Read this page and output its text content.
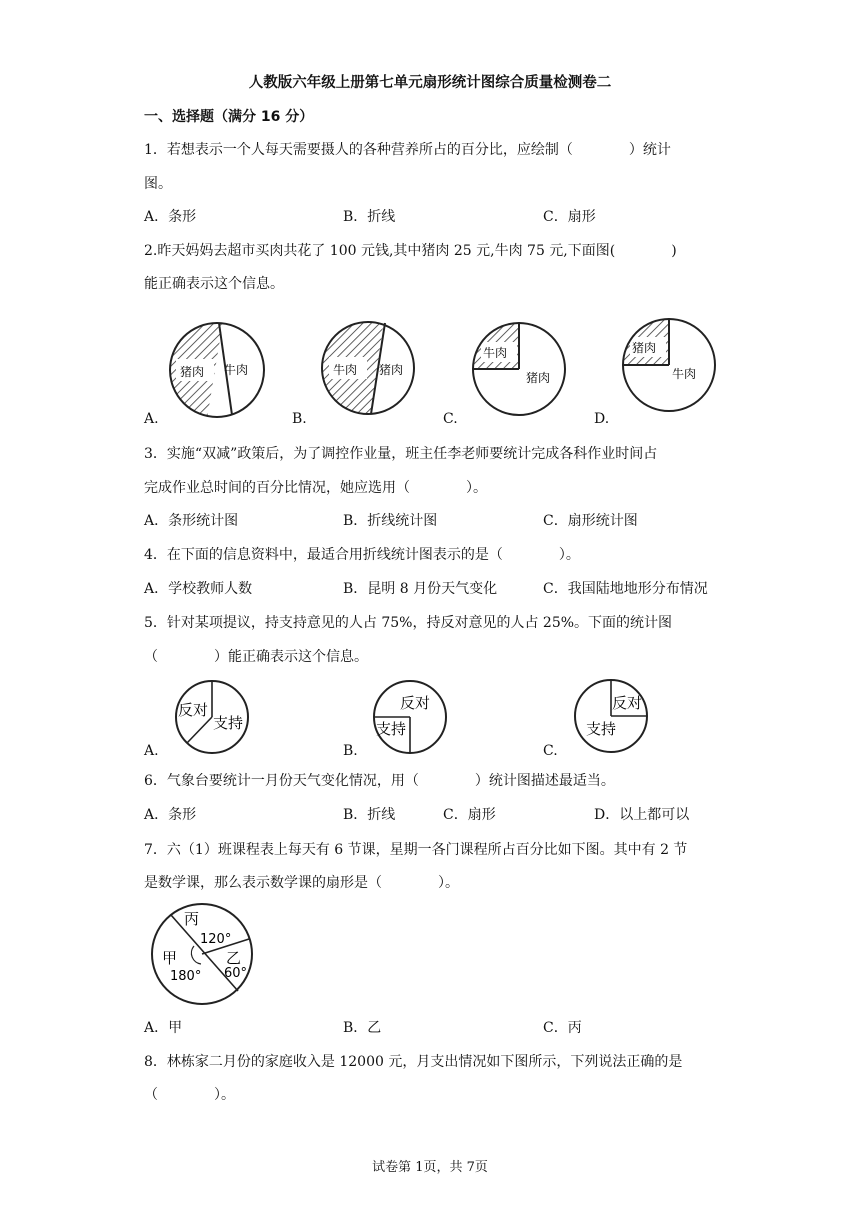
人教版六年级上册第七单元扇形统计图综合质量检测卷二
一、选择题（满分 16 分）
1．若想表示一个人每天需要摄人的各种营养所占的百分比，应绘制（　　　　）统计
图。
A．条形	B．折线	C．扇形
2.昨天妈妈去超市买肉共花了 100 元钱,其中猪肉 25 元,牛肉 75 元,下面图(　　　　)
能正确表示这个信息。
猪肉 牛肉
A.
牛肉 猪肉
B.
牛肉
猪肉
C.
猪肉
牛肉
D.
3．实施“双减”政策后，为了调控作业量，班主任李老师要统计完成各科作业时间占
完成作业总时间的百分比情况，她应选用（　　　　）。
A．条形统计图	B．折线统计图	C．扇形统计图
4．在下面的信息资料中，最适合用折线统计图表示的是（　　　　）。
A．学校教师人数	B．昆明 8 月份天气变化	C．我国陆地地形分布情况
5．针对某项提议，持支持意见的人占 75%，持反对意见的人占 25%。下面的统计图
（　　　　）能正确表示这个信息。
反对
支持
A.
反对
支持
B.
反对
支持
C.
6．气象台要统计一月份天气变化情况，用（　　　　）统计图描述最适当。
A．条形	B．折线	C．扇形	D．以上都可以
7．六（1）班课程表上每天有 6 节课，星期一各门课程所占百分比如下图。其中有 2 节
是数学课，那么表示数学课的扇形是（　　　　）。
丙
120°
甲	乙
180° 60°
A．甲	B．乙	C．丙
8．林栋家二月份的家庭收入是 12000 元，月支出情况如下图所示，下列说法正确的是
（　　　　）。
试卷第 1页，共 7页
